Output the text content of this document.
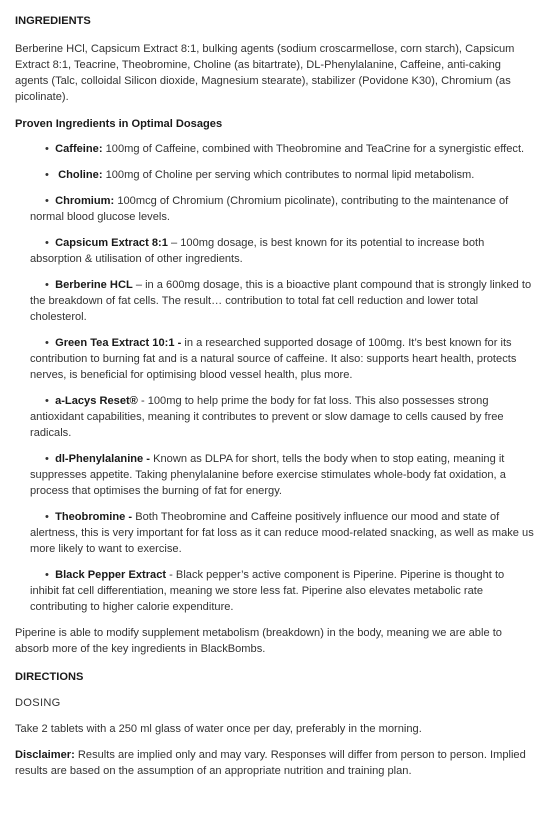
INGREDIENTS

Berberine HCl, Capsicum Extract 8:1, bulking agents (sodium croscarmellose, corn starch), Capsicum Extract 8:1, Teacrine, Theobromine, Choline (as bitartrate), DL-Phenylalanine, Caffeine, anti-caking agents (Talc, colloidal Silicon dioxide, Magnesium stearate), stabilizer (Povidone K30), Chromium (as picolinate).

Proven Ingredients in Optimal Dosages
• Caffeine: 100mg of Caffeine, combined with Theobromine and TeaCrine for a synergistic effect.
• Choline: 100mg of Choline per serving which contributes to normal lipid metabolism.
• Chromium: 100mcg of Chromium (Chromium picolinate), contributing to the maintenance of normal blood glucose levels.
• Capsicum Extract 8:1 – 100mg dosage, is best known for its potential to increase both absorption & utilisation of other ingredients.
• Berberine HCL – in a 600mg dosage, this is a bioactive plant compound that is strongly linked to the breakdown of fat cells. The result… contribution to total fat cell reduction and lower total cholesterol.
• Green Tea Extract 10:1 - in a researched supported dosage of 100mg. It’s best known for its contribution to burning fat and is a natural source of caffeine. It also: supports heart health, protects nerves, is beneficial for optimising blood vessel health, plus more.
• a-Lacys Reset® - 100mg to help prime the body for fat loss. This also possesses strong antioxidant capabilities, meaning it contributes to prevent or slow damage to cells caused by free radicals.
• dl-Phenylalanine - Known as DLPA for short, tells the body when to stop eating, meaning it suppresses appetite. Taking phenylalanine before exercise stimulates whole-body fat oxidation, a process that optimises the burning of fat for energy.
• Theobromine - Both Theobromine and Caffeine positively influence our mood and state of alertness, this is very important for fat loss as it can reduce mood-related snacking, as well as make us more likely to want to exercise.
• Black Pepper Extract - Black pepper’s active component is Piperine. Piperine is thought to inhibit fat cell differentiation, meaning we store less fat. Piperine also elevates metabolic rate contributing to higher calorie expenditure.

Piperine is able to modify supplement metabolism (breakdown) in the body, meaning we are able to absorb more of the key ingredients in BlackBombs.

DIRECTIONS

DOSING

Take 2 tablets with a 250 ml glass of water once per day, preferably in the morning.

Disclaimer: Results are implied only and may vary. Responses will differ from person to person. Implied results are based on the assumption of an appropriate nutrition and training plan.
